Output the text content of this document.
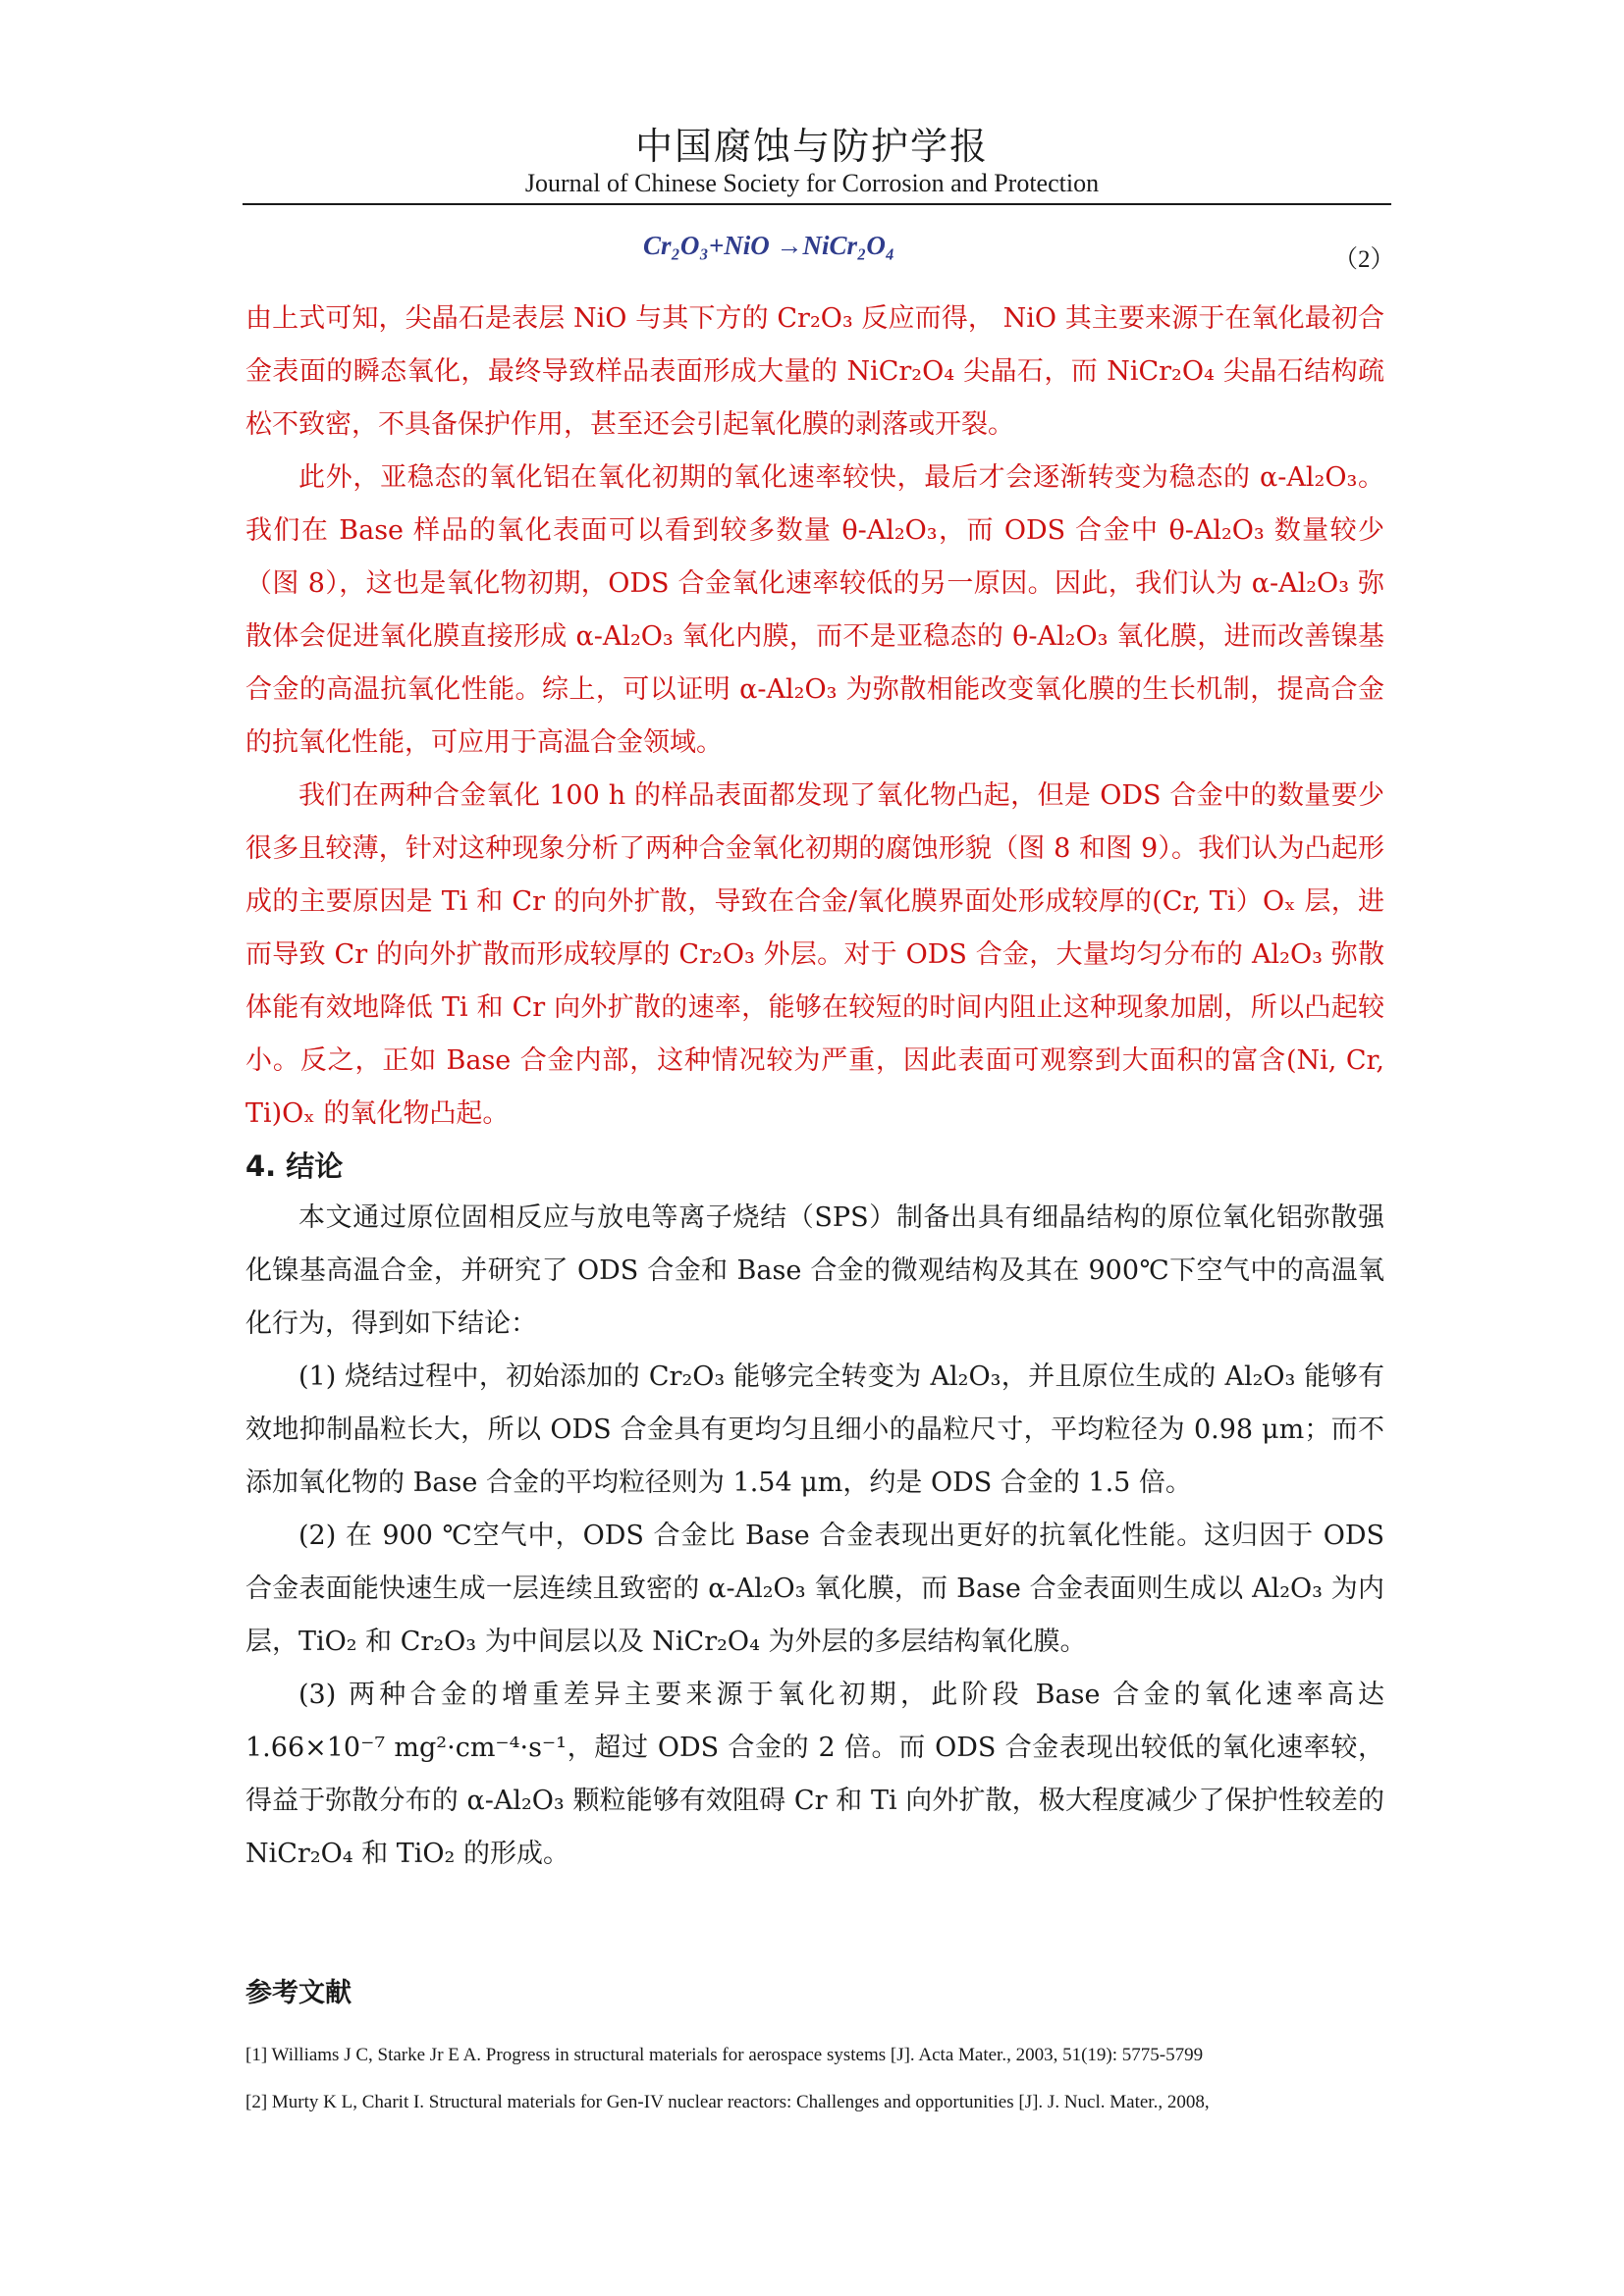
中国腐蚀与防护学报
Journal of Chinese Society for Corrosion and Protection
Cr₂O₃+NiO →NiCr₂O₄	（2）

由上式可知，尖晶石是表层 NiO 与其下方的 Cr₂O₃ 反应而得， NiO 其主要来源于在氧化最初合金表面的瞬态氧化，最终导致样品表面形成大量的 NiCr₂O₄ 尖晶石，而 NiCr₂O₄ 尖晶石结构疏松不致密，不具备保护作用，甚至还会引起氧化膜的剥落或开裂。

此外，亚稳态的氧化铝在氧化初期的氧化速率较快，最后才会逐渐转变为稳态的 α-Al₂O₃。我们在 Base 样品的氧化表面可以看到较多数量 θ-Al₂O₃，而 ODS 合金中 θ-Al₂O₃ 数量较少（图 8），这也是氧化物初期，ODS 合金氧化速率较低的另一原因。因此，我们认为 α-Al₂O₃ 弥散体会促进氧化膜直接形成 α-Al₂O₃ 氧化内膜，而不是亚稳态的 θ-Al₂O₃ 氧化膜，进而改善镍基合金的高温抗氧化性能。综上，可以证明 α-Al₂O₃ 为弥散相能改变氧化膜的生长机制，提高合金的抗氧化性能，可应用于高温合金领域。

我们在两种合金氧化 100 h 的样品表面都发现了氧化物凸起，但是 ODS 合金中的数量要少很多且较薄，针对这种现象分析了两种合金氧化初期的腐蚀形貌（图 8 和图 9）。我们认为凸起形成的主要原因是 Ti 和 Cr 的向外扩散，导致在合金/氧化膜界面处形成较厚的(Cr, Ti）Oₓ 层，进而导致 Cr 的向外扩散而形成较厚的 Cr₂O₃ 外层。对于 ODS 合金，大量均匀分布的 Al₂O₃ 弥散体能有效地降低 Ti 和 Cr 向外扩散的速率，能够在较短的时间内阻止这种现象加剧，所以凸起较小。反之，正如 Base 合金内部，这种情况较为严重，因此表面可观察到大面积的富含(Ni, Cr, Ti)Oₓ 的氧化物凸起。

4. 结论

本文通过原位固相反应与放电等离子烧结（SPS）制备出具有细晶结构的原位氧化铝弥散强化镍基高温合金，并研究了 ODS 合金和 Base 合金的微观结构及其在 900℃下空气中的高温氧化行为，得到如下结论：

(1) 烧结过程中，初始添加的 Cr₂O₃ 能够完全转变为 Al₂O₃，并且原位生成的 Al₂O₃ 能够有效地抑制晶粒长大，所以 ODS 合金具有更均匀且细小的晶粒尺寸，平均粒径为 0.98 μm；而不添加氧化物的 Base 合金的平均粒径则为 1.54 μm，约是 ODS 合金的 1.5 倍。

(2) 在 900 ℃空气中，ODS 合金比 Base 合金表现出更好的抗氧化性能。这归因于 ODS 合金表面能快速生成一层连续且致密的 α-Al₂O₃ 氧化膜，而 Base 合金表面则生成以 Al₂O₃ 为内层，TiO₂ 和 Cr₂O₃ 为中间层以及 NiCr₂O₄ 为外层的多层结构氧化膜。

(3) 两种合金的增重差异主要来源于氧化初期，此阶段 Base 合金的氧化速率高达 1.66×10⁻⁷ mg²·cm⁻⁴·s⁻¹，超过 ODS 合金的 2 倍。而 ODS 合金表现出较低的氧化速率较，得益于弥散分布的 α-Al₂O₃ 颗粒能够有效阻碍 Cr 和 Ti 向外扩散，极大程度减少了保护性较差的 NiCr₂O₄ 和 TiO₂ 的形成。

参考文献

[1] Williams J C, Starke Jr E A. Progress in structural materials for aerospace systems [J]. Acta Mater., 2003, 51(19): 5775-5799

[2] Murty K L, Charit I. Structural materials for Gen-IV nuclear reactors: Challenges and opportunities [J]. J. Nucl. Mater., 2008,
